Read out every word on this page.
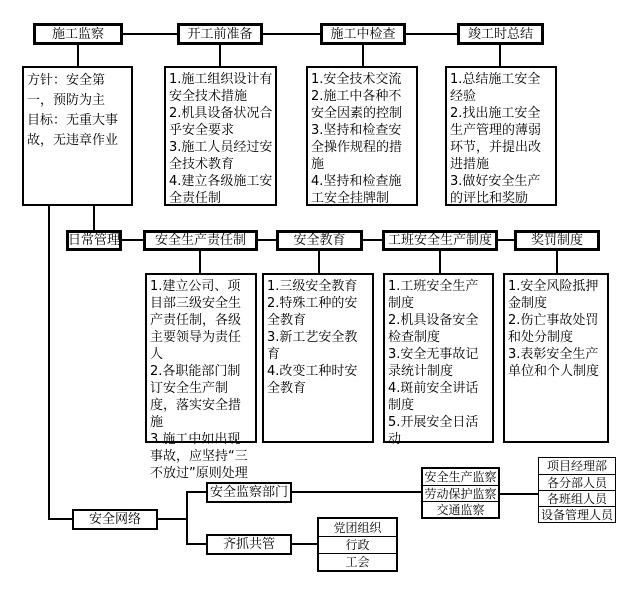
施工监察	开工前准备	施工中检查	竣工时总结
方针：安全第一，预防为主
目标：无重大事故，无违章作业
1.施工组织设计有安全技术措施
2.机具设备状况合乎安全要求
3.施工人员经过安全技术教育
4.建立各级施工安全责任制
1.安全技术交流
2.施工中各种不安全因素的控制
3.坚持和检查安全操作规程的措施
4.坚持和检查施工安全挂牌制
1.总结施工安全经验
2.找出施工安全生产管理的薄弱环节，并提出改进措施
3.做好安全生产的评比和奖励
日常管理	安全生产责任制	安全教育	工班安全生产制度	奖罚制度
1.建立公司、项目部三级安全生产责任制，各级主要领导为责任人
2.各职能部门制订安全生产制度，落实安全措施
3.施工中如出现事故，应坚持“三不放过”原则处理
1.三级安全教育
2.特殊工种的安全教育
3.新工艺安全教育
4.改变工种时安全教育
1.工班安全生产制度
2.机具设备安全检查制度
3.安全无事故记录统计制度
4.斑前安全讲话制度
5.开展安全日活动
1.安全风险抵押金制度
2.伤亡事故处罚和处分制度
3.表彰安全生产单位和个人制度
安全网络
安全监察部门
齐抓共管
安全生产监察
劳动保护监察
交通监察
项目经理部
各分部人员
各班组人员
设备管理人员
党团组织
行政
工会
